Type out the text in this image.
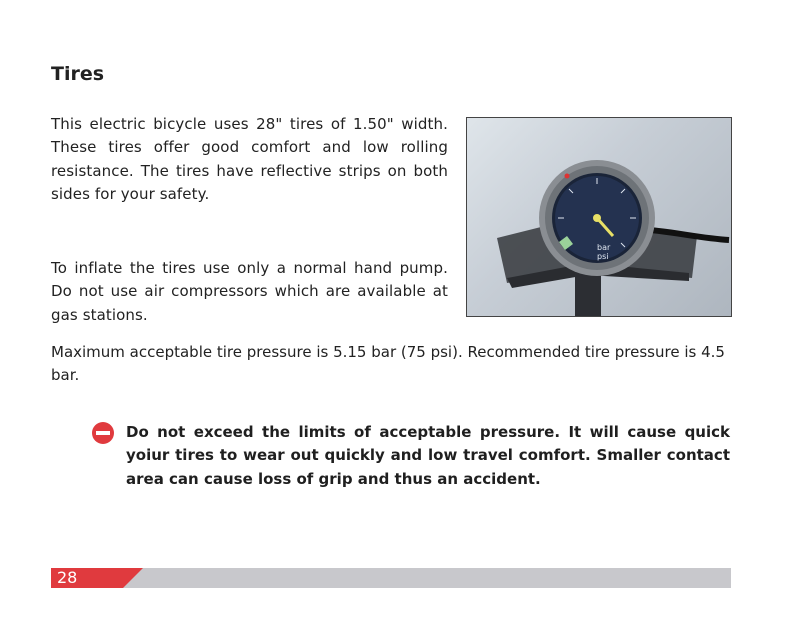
Tires
This electric bicycle uses 28" tires of 1.50" width. These tires offer good comfort and low rolling resistance. The tires have reflective strips on both sides for your safety.
To inflate the tires use only a normal hand pump. Do not use air compressors which are available at gas stations.
bar
psi
Maximum acceptable tire pressure is 5.15 bar (75 psi). Recommended tire pressure is 4.5 bar.
Do not exceed the limits of acceptable pressure. It will cause quick yoiur tires to wear out quickly and low travel comfort. Smaller contact area can cause loss of grip and thus an accident.
28
